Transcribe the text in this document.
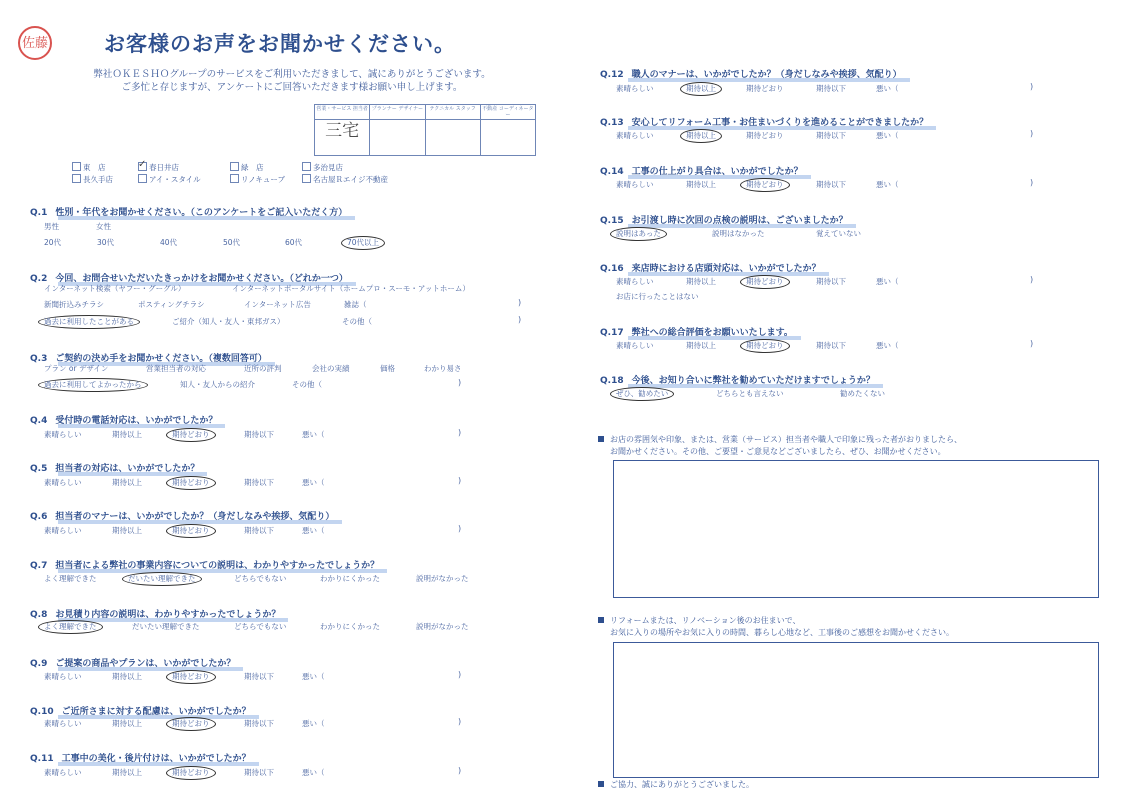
佐藤	お客様のお声をお聞かせください。
弊社ＯＫＥＳＨＯグループのサービスをご利用いただきまして、誠にありがとうございます。
ご多忙と存じますが、アンケートにご回答いただきます様お願い申し上げます。
営業・サービス 担当者	プランナー デザイナー	テクニカル スタッフ	不動産 コーディネーター
三宅			
東　店 ✓	春日井店	緑　店	多治見店
長久手店	アイ・スタイル	リノキューブ	名古屋Ｒエイジ不動産
Q.1 性別・年代をお聞かせください。（このアンケートをご記入いただく方）
男性	女性
20代	30代	40代	50代	60代	70代以上
Q.2 今回、お問合せいただいたきっかけをお聞かせください。（どれか一つ）
インターネット検索（ヤフー・グーグル）	インターネットポータルサイト（ホームプロ・スーモ・アットホーム）
新聞折込みチラシ	ポスティングチラシ	インターネット広告	雑誌（	)
過去に利用したことがある	ご紹介（知人・友人・東邦ガス）	その他（	)
Q.3 ご契約の決め手をお聞かせください。（複数回答可）
プラン or デザイン	営業担当者の対応	近所の評判	会社の実績	価格	わかり易さ
過去に利用してよかったから	知人・友人からの紹介	その他（	)
Q.4 受付時の電話対応は、いかがでしたか？
素晴らしい	期待以上	期待どおり	期待以下	悪い（	)
Q.5 担当者の対応は、いかがでしたか？
素晴らしい	期待以上	期待どおり	期待以下	悪い（	)
Q.6 担当者のマナーは、いかがでしたか？（身だしなみや挨拶、気配り）
素晴らしい	期待以上	期待どおり	期待以下	悪い（	)
Q.7 担当者による弊社の事業内容についての説明は、わかりやすかったでしょうか？
よく理解できた	だいたい理解できた	どちらでもない	わかりにくかった	説明がなかった
Q.8 お見積り内容の説明は、わかりやすかったでしょうか？
よく理解できた	だいたい理解できた	どちらでもない	わかりにくかった	説明がなかった
Q.9 ご提案の商品やプランは、いかがでしたか？
素晴らしい	期待以上	期待どおり	期待以下	悪い（	)
Q.10 ご近所さまに対する配慮は、いかがでしたか？
素晴らしい	期待以上	期待どおり	期待以下	悪い（	)
Q.11 工事中の美化・後片付けは、いかがでしたか？
素晴らしい	期待以上	期待どおり	期待以下	悪い（	)
Q.12 職人のマナーは、いかがでしたか？（身だしなみや挨拶、気配り）
素晴らしい	期待以上	期待どおり	期待以下	悪い（	)
Q.13 安心してリフォーム工事・お住まいづくりを進めることができましたか？
素晴らしい	期待以上	期待どおり	期待以下	悪い（	)
Q.14 工事の仕上がり具合は、いかがでしたか？
素晴らしい	期待以上	期待どおり	期待以下	悪い（	)
Q.15 お引渡し時に次回の点検の説明は、ございましたか？
説明はあった	説明はなかった	覚えていない
Q.16 来店時における店頭対応は、いかがでしたか？
素晴らしい	期待以上	期待どおり	期待以下	悪い（	)
お店に行ったことはない
Q.17 弊社への総合評価をお願いいたします。
素晴らしい	期待以上	期待どおり	期待以下	悪い（	)
Q.18 今後、お知り合いに弊社を勧めていただけますでしょうか？
ぜひ、勧めたい	どちらとも言えない	勧めたくない
お店の雰囲気や印象、または、営業（サービス）担当者や職人で印象に残った者がおりましたら、
お聞かせください。その他、ご要望・ご意見などございましたら、ぜひ、お聞かせください。
リフォームまたは、リノベーション後のお住まいで、
お気に入りの場所やお気に入りの時間、暮らし心地など、工事後のご感想をお聞かせください。
ご協力、誠にありがとうございました。
